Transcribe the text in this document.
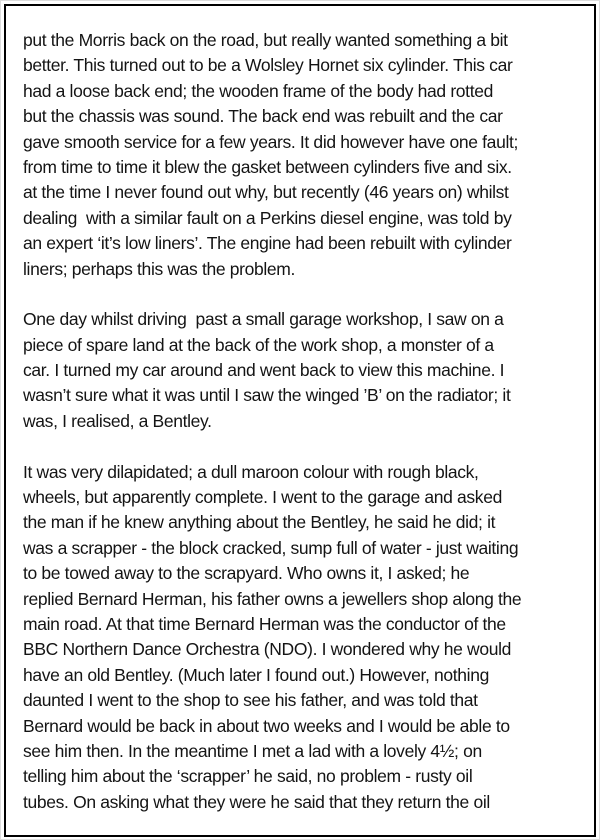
put the Morris back on the road, but really wanted something a bit
better. This turned out to be a Wolsley Hornet six cylinder. This car
had a loose back end; the wooden frame of the body had rotted
but the chassis was sound. The back end was rebuilt and the car
gave smooth service for a few years. It did however have one fault;
from time to time it blew the gasket between cylinders five and six.
at the time I never found out why, but recently (46 years on) whilst
dealing  with a similar fault on a Perkins diesel engine, was told by
an expert ‘it’s low liners’. The engine had been rebuilt with cylinder
liners; perhaps this was the problem.
One day whilst driving  past a small garage workshop, I saw on a
piece of spare land at the back of the work shop, a monster of a
car. I turned my car around and went back to view this machine. I
wasn’t sure what it was until I saw the winged ’B’ on the radiator; it
was, I realised, a Bentley.
It was very dilapidated; a dull maroon colour with rough black,
wheels, but apparently complete. I went to the garage and asked
the man if he knew anything about the Bentley, he said he did; it
was a scrapper - the block cracked, sump full of water - just waiting
to be towed away to the scrapyard. Who owns it, I asked; he
replied Bernard Herman, his father owns a jewellers shop along the
main road. At that time Bernard Herman was the conductor of the
BBC Northern Dance Orchestra (NDO). I wondered why he would
have an old Bentley. (Much later I found out.) However, nothing
daunted I went to the shop to see his father, and was told that
Bernard would be back in about two weeks and I would be able to
see him then. In the meantime I met a lad with a lovely 4½; on
telling him about the ‘scrapper’ he said, no problem - rusty oil
tubes. On asking what they were he said that they return the oil
